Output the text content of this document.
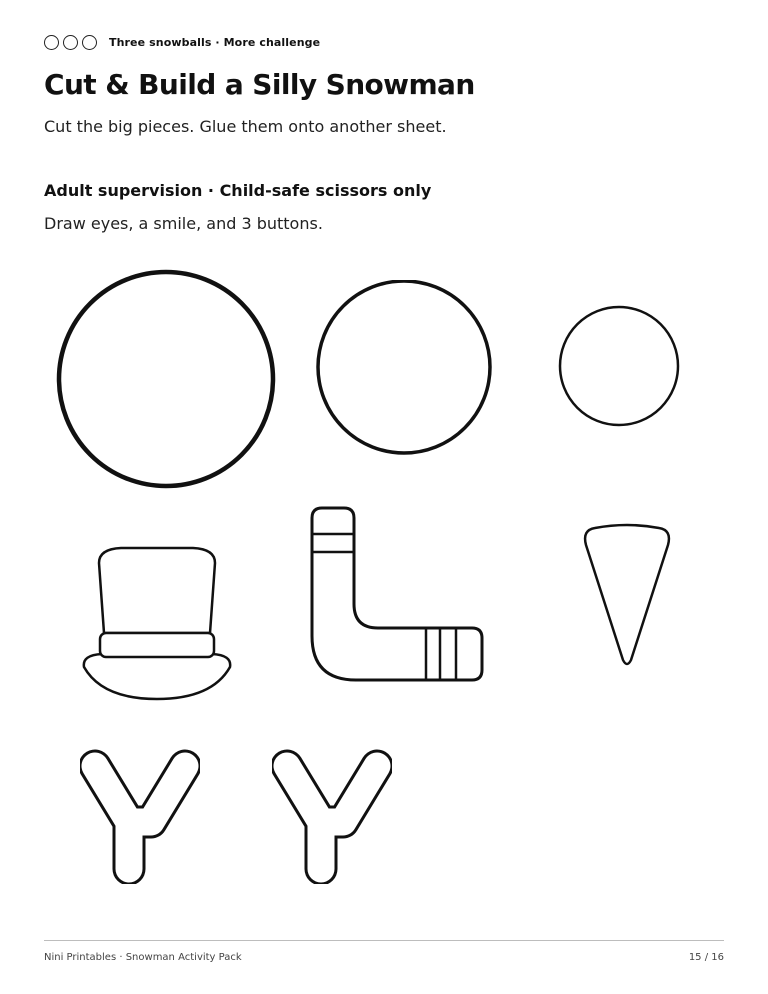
Three snowballs · More challenge
Cut & Build a Silly Snowman
Cut the big pieces. Glue them onto another sheet.
Adult supervision · Child-safe scissors only
Draw eyes, a smile, and 3 buttons.
Nini Printables · Snowman Activity Pack	15 / 16
